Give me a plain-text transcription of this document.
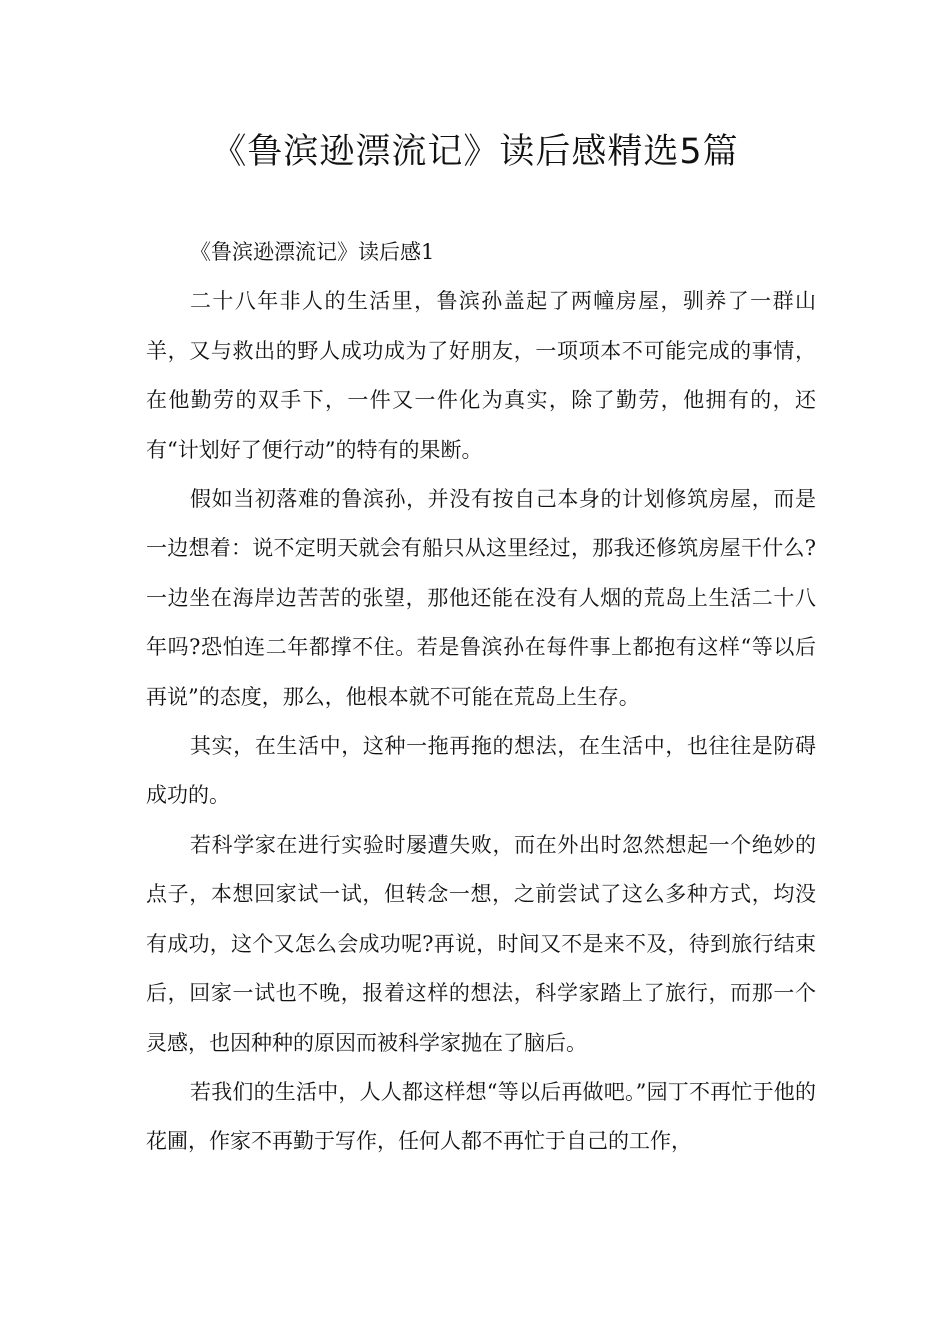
《鲁滨逊漂流记》读后感精选5篇

《鲁滨逊漂流记》读后感1

二十八年非人的生活里，鲁滨孙盖起了两幢房屋，驯养了一群山羊，又与救出的野人成功成为了好朋友，一项项本不可能完成的事情，在他勤劳的双手下，一件又一件化为真实，除了勤劳，他拥有的，还有“计划好了便行动”的特有的果断。

假如当初落难的鲁滨孙，并没有按自己本身的计划修筑房屋，而是一边想着：说不定明天就会有船只从这里经过，那我还修筑房屋干什么?一边坐在海岸边苦苦的张望，那他还能在没有人烟的荒岛上生活二十八年吗?恐怕连二年都撑不住。若是鲁滨孙在每件事上都抱有这样“等以后再说”的态度，那么，他根本就不可能在荒岛上生存。

其实，在生活中，这种一拖再拖的想法，在生活中，也往往是防碍成功的。

若科学家在进行实验时屡遭失败，而在外出时忽然想起一个绝妙的点子，本想回家试一试，但转念一想，之前尝试了这么多种方式，均没有成功，这个又怎么会成功呢?再说，时间又不是来不及，待到旅行结束后，回家一试也不晚，报着这样的想法，科学家踏上了旅行，而那一个灵感，也因种种的原因而被科学家抛在了脑后。

若我们的生活中，人人都这样想“等以后再做吧。”园丁不再忙于他的花圃，作家不再勤于写作，任何人都不再忙于自己的工作，
